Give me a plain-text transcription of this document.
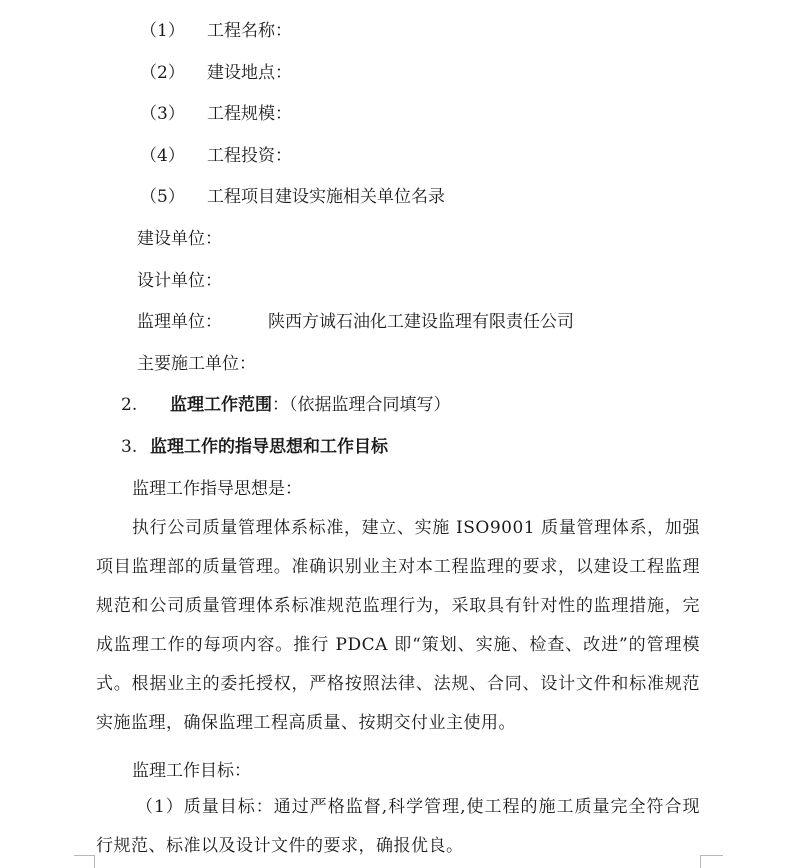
（1） 工程名称：
（2） 建设地点：
（3） 工程规模：
（4） 工程投资：
（5） 工程项目建设实施相关单位名录
建设单位：
设计单位：
监理单位：	陕西方诚石油化工建设监理有限责任公司
主要施工单位：
2. 监理工作范围：（依据监理合同填写）
3. 监理工作的指导思想和工作目标
监理工作指导思想是：
执行公司质量管理体系标准，建立、实施 ISO9001 质量管理体系，加强项目监理部的质量管理。准确识别业主对本工程监理的要求，以建设工程监理规范和公司质量管理体系标准规范监理行为，采取具有针对性的监理措施，完成监理工作的每项内容。推行 PDCA 即“策划、实施、检查、改进”的管理模式。根据业主的委托授权，严格按照法律、法规、合同、设计文件和标准规范实施监理，确保监理工程高质量、按期交付业主使用。
监理工作目标：
（1）质量目标：通过严格监督,科学管理,使工程的施工质量完全符合现行规范、标准以及设计文件的要求，确报优良。
